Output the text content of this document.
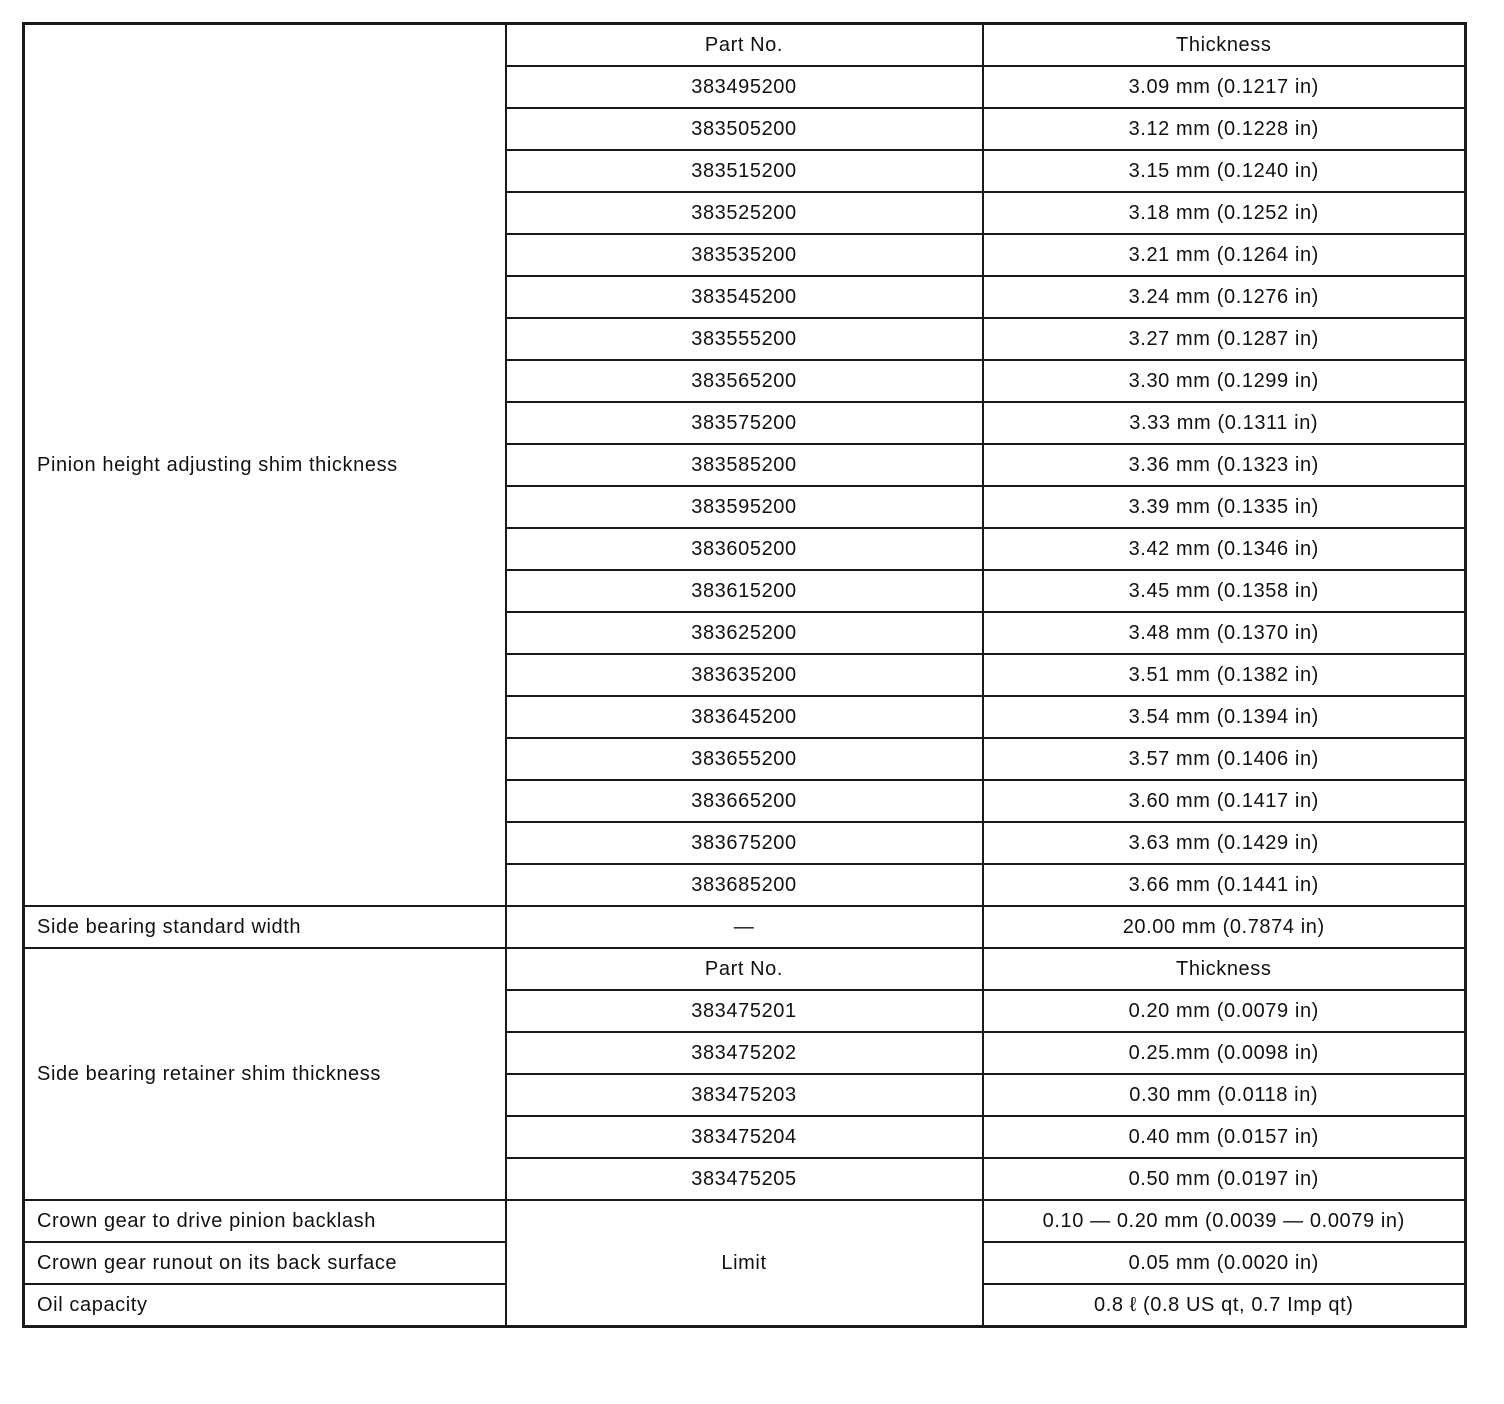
Pinion height adjusting shim thickness	Part No.	Thickness
	383495200	3.09 mm (0.1217 in)
	383505200	3.12 mm (0.1228 in)
	383515200	3.15 mm (0.1240 in)
	383525200	3.18 mm (0.1252 in)
	383535200	3.21 mm (0.1264 in)
	383545200	3.24 mm (0.1276 in)
	383555200	3.27 mm (0.1287 in)
	383565200	3.30 mm (0.1299 in)
	383575200	3.33 mm (0.1311 in)
	383585200	3.36 mm (0.1323 in)
	383595200	3.39 mm (0.1335 in)
	383605200	3.42 mm (0.1346 in)
	383615200	3.45 mm (0.1358 in)
	383625200	3.48 mm (0.1370 in)
	383635200	3.51 mm (0.1382 in)
	383645200	3.54 mm (0.1394 in)
	383655200	3.57 mm (0.1406 in)
	383665200	3.60 mm (0.1417 in)
	383675200	3.63 mm (0.1429 in)
	383685200	3.66 mm (0.1441 in)
Side bearing standard width	—	20.00 mm (0.7874 in)
Side bearing retainer shim thickness	Part No.	Thickness
	383475201	0.20 mm (0.0079 in)
	383475202	0.25.mm (0.0098 in)
	383475203	0.30 mm (0.0118 in)
	383475204	0.40 mm (0.0157 in)
	383475205	0.50 mm (0.0197 in)
Crown gear to drive pinion backlash	Limit	0.10 — 0.20 mm (0.0039 — 0.0079 in)
Crown gear runout on its back surface		0.05 mm (0.0020 in)
Oil capacity		0.8 ℓ (0.8 US qt, 0.7 Imp qt)
